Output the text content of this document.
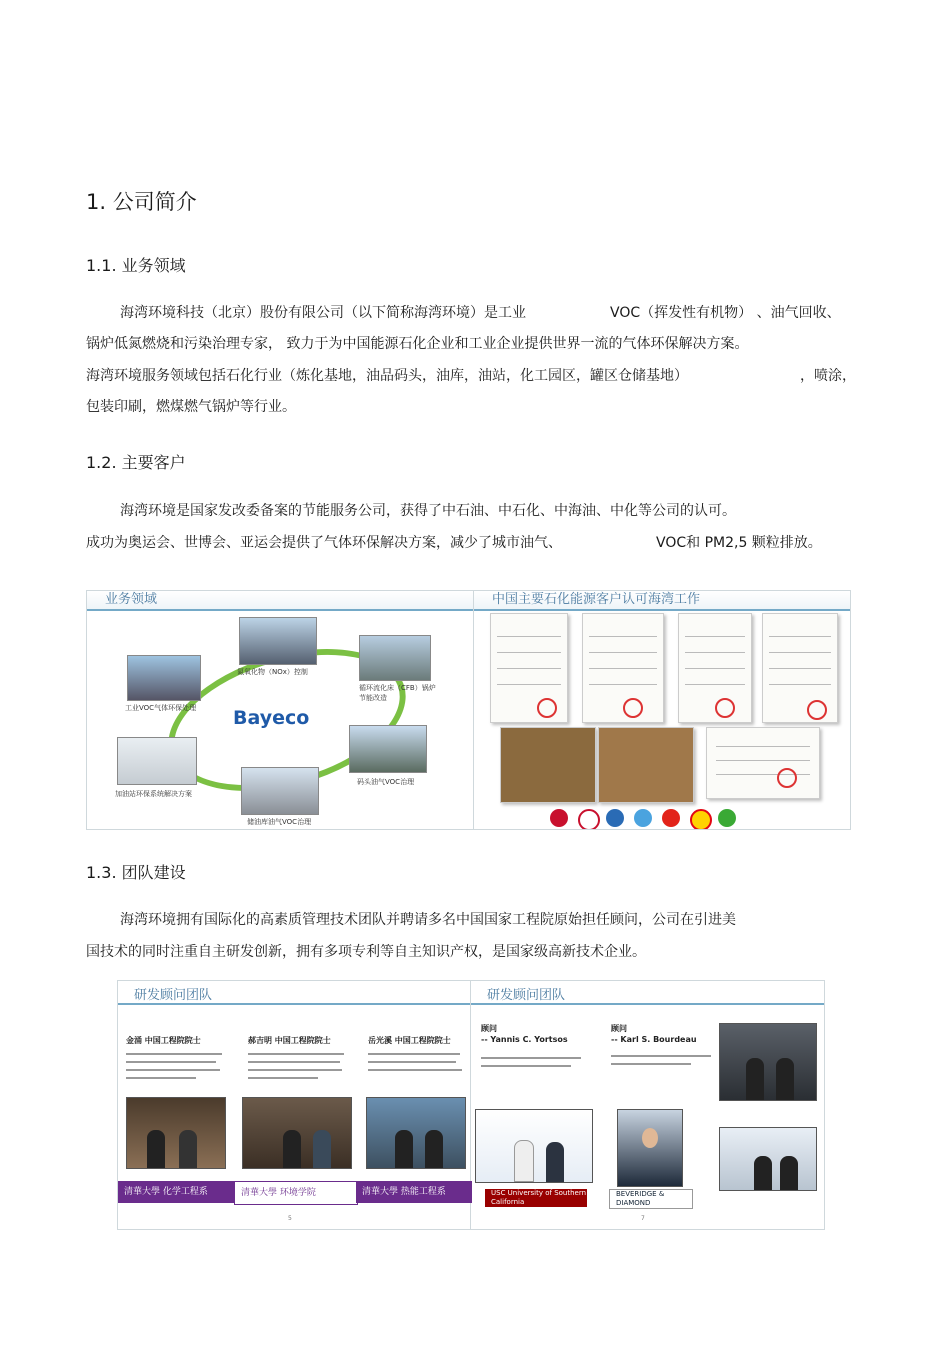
1. 公司简介
1.1. 业务领域
海湾环境科技（北京）股份有限公司（以下简称海湾环境）是工业	VOC（挥发性有机物） 、油气回收、
锅炉低氮燃烧和污染治理专家， 致力于为中国能源石化企业和工业企业提供世界一流的气体环保解决方案。
海湾环境服务领域包括石化行业（炼化基地，油品码头，油库，油站，化工园区，罐区仓储基地）	，喷涂，
包装印刷，燃煤燃气锅炉等行业。
1.2. 主要客户
海湾环境是国家发改委备案的节能服务公司，获得了中石油、中石化、中海油、中化等公司的认可。
成功为奥运会、世博会、亚运会提供了气体环保解决方案，减少了城市油气、	VOC和 PM2,5 颗粒排放。
业务领域
Bayeco
工业VOC气体环保处理
氮氧化物（NOx）控制
循环流化床（CFB）锅炉节能改造
码头油气VOC治理
储油库油气VOC治理
加油站环保系统解决方案
中国主要石化能源客户认可海湾工作
1.3. 团队建设
海湾环境拥有国际化的高素质管理技术团队并聘请多名中国国家工程院原始担任顾问，公司在引进美
国技术的同时注重自主研发创新，拥有多项专利等自主知识产权，是国家级高新技术企业。
研发顾问团队
金涌 中国工程院院士	郝吉明 中国工程院院士	岳光溪 中国工程院院士
清華大學 化学工程系	清華大學 环境学院	清華大學 热能工程系
5
研发顾问团队
顾问
-- Yannis C. Yortsos
顾问
-- Karl S. Bourdeau
USC University of Southern California
BEVERIDGE & DIAMOND
7
